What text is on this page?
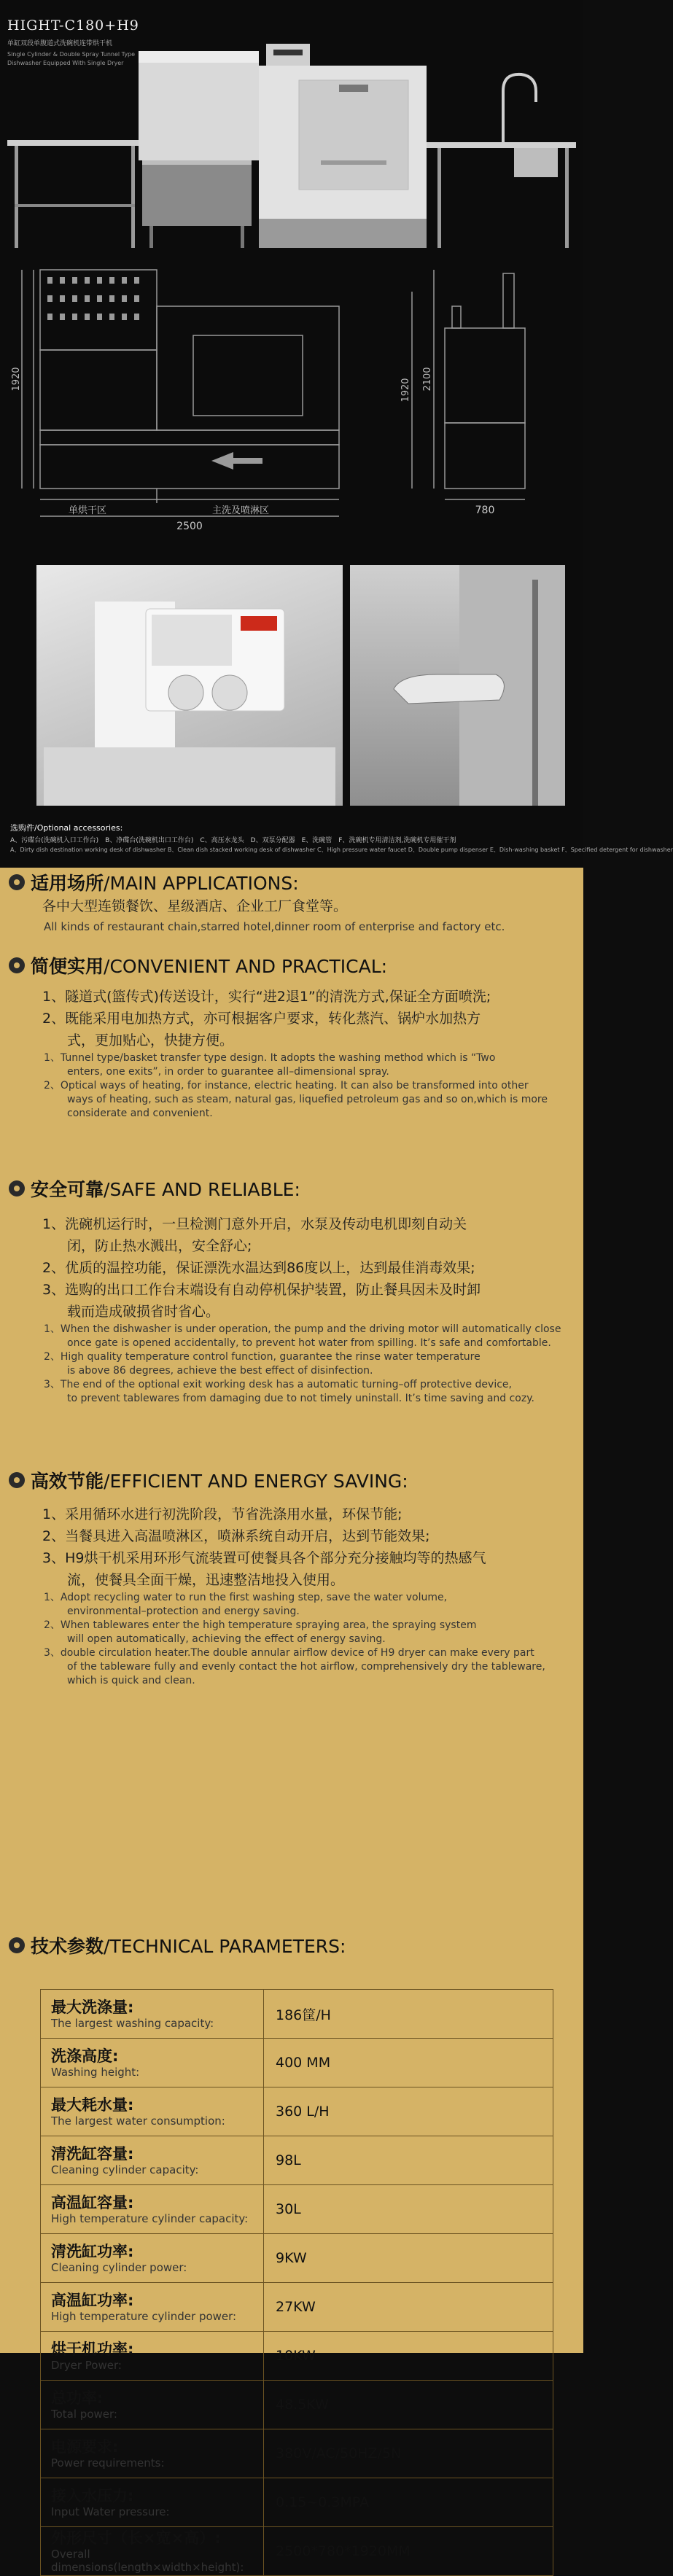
HIGHT-C180+H9
单缸双段单腹道式洗碗机连带烘干机
Single Cylinder & Double Spray Tunnel Type
Dishwasher Equipped With Single Dryer
1920
单烘干区	主洗及喷淋区
2500
1920 2100
780
选购件/Optional accessories:
A、污碟台(洗碗机入口工作台)　B、净碟台(洗碗机出口工作台)　C、高压水龙头　D、双泵分配器　E、洗碗管　F、洗碗机专用清洁剂,洗碗机专用催干剂
A、Dirty dish destination working desk of dishwasher B、Clean dish stacked working desk of dishwasher C、High pressure water faucet D、Double pump dispenser E、Dish-washing basket F、Specified detergent for dishwasher
适用场所/MAIN APPLICATIONS:
各中大型连锁餐饮、星级酒店、企业工厂食堂等。
All kinds of restaurant chain,starred hotel,dinner room of enterprise and factory etc.
简便实用/CONVENIENT AND PRACTICAL:
1、隧道式(篮传式)传送设计，实行“进2退1”的清洗方式,保证全方面喷洗;
2、既能采用电加热方式，亦可根据客户要求，转化蒸汽、锅炉水加热方
式，更加贴心，快捷方便。
1、Tunnel type/basket transfer type design. It adopts the washing method which is “Two
enters, one exits”, in order to guarantee all–dimensional spray.
2、Optical ways of heating, for instance, electric heating. It can also be transformed into other
ways of heating, such as steam, natural gas, liquefied petroleum gas and so on,which is more
considerate and convenient.
安全可靠/SAFE AND RELIABLE:
1、洗碗机运行时，一旦检测门意外开启，水泵及传动电机即刻自动关
闭，防止热水溅出，安全舒心;
2、优质的温控功能，保证漂洗水温达到86度以上，达到最佳消毒效果;
3、选购的出口工作台末端设有自动停机保护装置，防止餐具因未及时卸
载而造成破损省时省心。
1、When the dishwasher is under operation, the pump and the driving motor will automatically close
once gate is opened accidentally, to prevent hot water from spilling. It’s safe and comfortable.
2、High quality temperature control function, guarantee the rinse water temperature
is above 86 degrees, achieve the best effect of disinfection.
3、The end of the optional exit working desk has a automatic turning–off protective device,
to prevent tablewares from damaging due to not timely uninstall. It’s time saving and cozy.
高效节能/EFFICIENT AND ENERGY SAVING:
1、采用循环水进行初洗阶段，节省洗涤用水量，环保节能;
2、当餐具进入高温喷淋区，喷淋系统自动开启，达到节能效果;
3、H9烘干机采用环形气流装置可使餐具各个部分充分接触均等的热感气
流，使餐具全面干燥，迅速整洁地投入使用。
1、Adopt recycling water to run the first washing step, save the water volume,
environmental–protection and energy saving.
2、When tablewares enter the high temperature spraying area, the spraying system
will open automatically, achieving the effect of energy saving.
3、double circulation heater.The double annular airflow device of H9 dryer can make every part
of the tableware fully and evenly contact the hot airflow, comprehensively dry the tableware,
which is quick and clean.
技术参数/TECHNICAL PARAMETERS:
最大洗涤量:
The largest washing capacity:	186筐/H

洗涤高度:
Washing height:	400 MM

最大耗水量:
The largest water consumption:	360 L/H

清洗缸容量:
Cleaning cylinder capacity:	98L

高温缸容量:
High temperature cylinder capacity:	30L

清洗缸功率:
Cleaning cylinder power:	9KW

高温缸功率:
High temperature cylinder power:	27KW

烘干机功率:
Dryer Power:	10KW

总功率:
Total power:	48.5KW

电源要求:
Power requirements:	380V/AC/50HZ/5N

接入水压力:
Input Water pressure:	0.15~0.3MPA

外形尺寸（长×宽×高）:
Overall dimensions(length×width×height):	2500*780*1920MM
